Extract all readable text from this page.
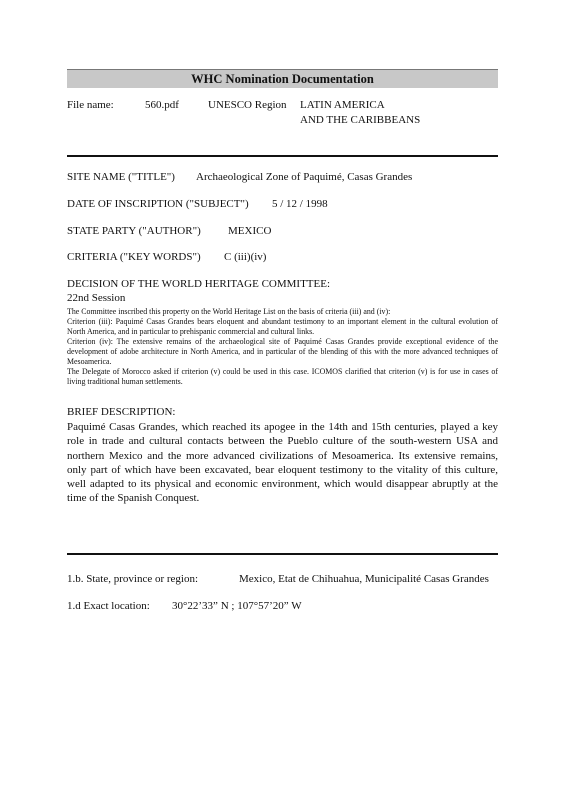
WHC Nomination Documentation
File name:	560.pdf	UNESCO Region LATIN AMERICA
AND THE CARIBBEANS
SITE NAME ("TITLE") Archaeological Zone of Paquimé, Casas Grandes
DATE OF INSCRIPTION ("SUBJECT") 5 / 12 / 1998
STATE PARTY ("AUTHOR") MEXICO
CRITERIA ("KEY WORDS") C (iii)(iv)
DECISION OF THE WORLD HERITAGE COMMITTEE:
22nd Session

The Committee inscribed this property on the World Heritage List on the basis of criteria (iii) and (iv):

Criterion (iii): Paquimé Casas Grandes bears eloquent and abundant testimony to an important element in the cultural evolution of North America, and in particular to prehispanic commercial and cultural links.

Criterion (iv): The extensive remains of the archaeological site of Paquimé Casas Grandes provide exceptional evidence of the development of adobe architecture in North America, and in particular of the blending of this with the more advanced techniques of Mesoamerica.

The Delegate of Morocco asked if criterion (v) could be used in this case. ICOMOS clarified that criterion (v) is for use in cases of living traditional human settlements.

BRIEF DESCRIPTION:
Paquimé Casas Grandes, which reached its apogee in the 14th and 15th centuries, played a key role in trade and cultural contacts between the Pueblo culture of the south-western USA and northern Mexico and the more advanced civilizations of Mesoamerica. Its extensive remains, only part of which have been excavated, bear eloquent testimony to the vitality of this culture, well adapted to its physical and economic environment, which would disappear abruptly at the time of the Spanish Conquest.
1.b. State, province or region:	Mexico, Etat de Chihuahua, Municipalité Casas Grandes
1.d Exact location: 30°22’33” N ; 107°57’20” W
